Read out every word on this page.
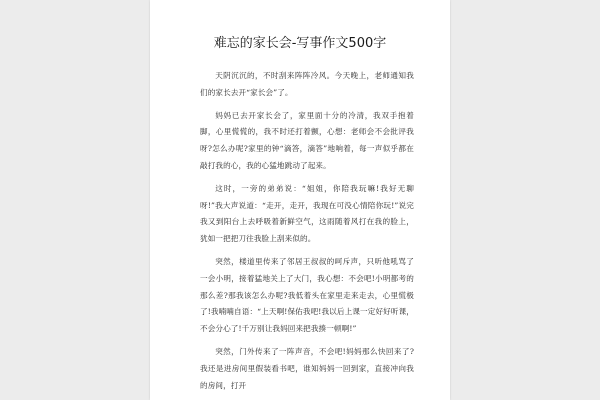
难忘的家长会-写事作文500字

天阴沉沉的，不时刮来阵阵冷风。今天晚上，老师通知我们的家长去开“家长会”了。

妈妈已去开家长会了，家里面十分的冷清，我双手抱着脚，心里慌慌的，我不时还打着颤，心想：老师会不会批评我呀?怎么办呢?家里的钟“滴答，滴答”地响着，每一声似乎都在敲打我的心，我的心猛地跳动了起来。

这时，一旁的弟弟说：“姐姐，你陪我玩嘛!我好无聊呀!”我大声说道：“走开，走开，我现在可没心情陪你玩!”说完我又到阳台上去呼吸着新鲜空气，这雨随着风打在我的脸上，犹如一把把刀往我脸上刮来似的。

突然，楼道里传来了邻居王叔叔的呵斥声，只听他吼骂了一会小明，接着猛地关上了大门，我心想：不会吧!小明都考的那么差?那我该怎么办呢?我低着头在家里走来走去，心里慌极了!我喃喃自语：“上天啊!保佑我吧!我以后上课一定好好听课，不会分心了!千万别让我妈回来把我揍一顿啊!”

突然，门外传来了一阵声音，不会吧!妈妈那么快回来了?我还是进房间里假装看书吧，谁知妈妈一回到家，直接冲向我的房间，打开
